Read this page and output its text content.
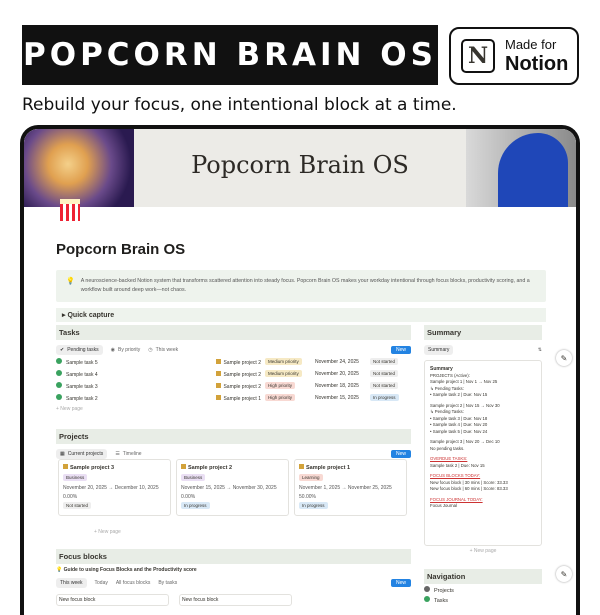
POPCORN BRAIN OS	N	Made for
Notion
Rebuild your focus, one intentional block at a time.
Popcorn Brain OS
Popcorn Brain OS
💡 A neuroscience-backed Notion system that transforms scattered attention into steady focus. Popcorn Brain OS makes your workday intentional through focus blocks, productivity scoring, and a workflow built around deep work—not chaos.
▸ Quick capture
Tasks
✔ Pending tasks ◉ By priority ◷ This week	New
Sample task 5	Sample project 2	Medium priority	November 24, 2025	Not started
Sample task 4	Sample project 2	Medium priority	November 20, 2025	Not started
Sample task 3	Sample project 2	High priority	November 18, 2025	Not started
Sample task 2	Sample project 1	High priority	November 15, 2025	In progress
+ New page
Projects
▦ Current projects ☰ Timeline	New
Sample project 3
Business
November 20, 2025 → December 10, 2025
0.00%
Not started
Sample project 2
Business
November 15, 2025 → November 30, 2025
0.00%
In progress
Sample project 1
Learning
November 1, 2025 → November 25, 2025
50.00%
In progress
+ New page
Focus blocks
💡 Guide to using Focus Blocks and the Productivity score
This week Today All focus blocks By tasks	New
New focus block	New focus block
Summary
Summary	⇅
Summary
PROJECTS (Active):
Sample project 1 | Nov 1 → Nov 25
↳ Pending Tasks:
• Sample task 2 | Due: Nov 15
Sample project 2 | Nov 15 → Nov 30
↳ Pending Tasks:
• Sample task 3 | Due: Nov 18
• Sample task 4 | Due: Nov 20
• Sample task 5 | Due: Nov 24
Sample project 3 | Nov 20 → Dec 10
No pending tasks.
OVERDUE TASKS:
Sample task 2 | Due: Nov 15
FOCUS BLOCKS TODAY:
New focus block | 30 mins | Score: 33.33
New focus block | 60 mins | Score: 83.33
FOCUS JOURNAL TODAY:
Focus Journal
+ New page
Navigation
Projects
Tasks
✎
✎
